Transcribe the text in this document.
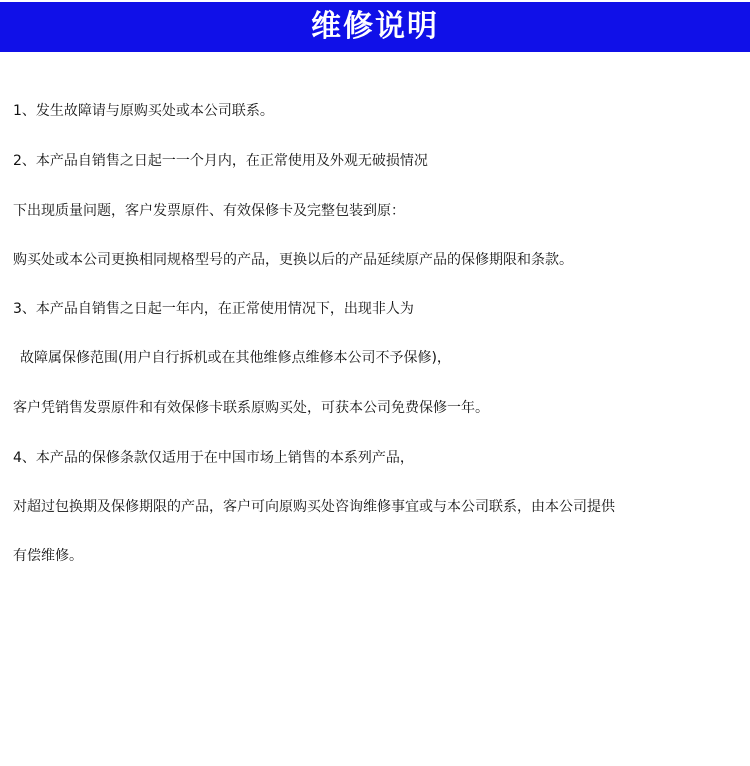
维修说明
1、发生故障请与原购买处或本公司联系。
2、本产品自销售之日起一一个月内，在正常使用及外观无破损情况
下出现质量问题，客户发票原件、有效保修卡及完整包装到原：
购买处或本公司更换相同规格型号的产品，更换以后的产品延续原产品的保修期限和条款。
3、本产品自销售之日起一年内，在正常使用情况下，出现非人为
故障属保修范围(用户自行拆机或在其他维修点维修本公司不予保修)，
客户凭销售发票原件和有效保修卡联系原购买处，可获本公司免费保修一年。
4、本产品的保修条款仅适用于在中国市场上销售的本系列产品，
对超过包换期及保修期限的产品，客户可向原购买处咨询维修事宜或与本公司联系，由本公司提供
有偿维修。
